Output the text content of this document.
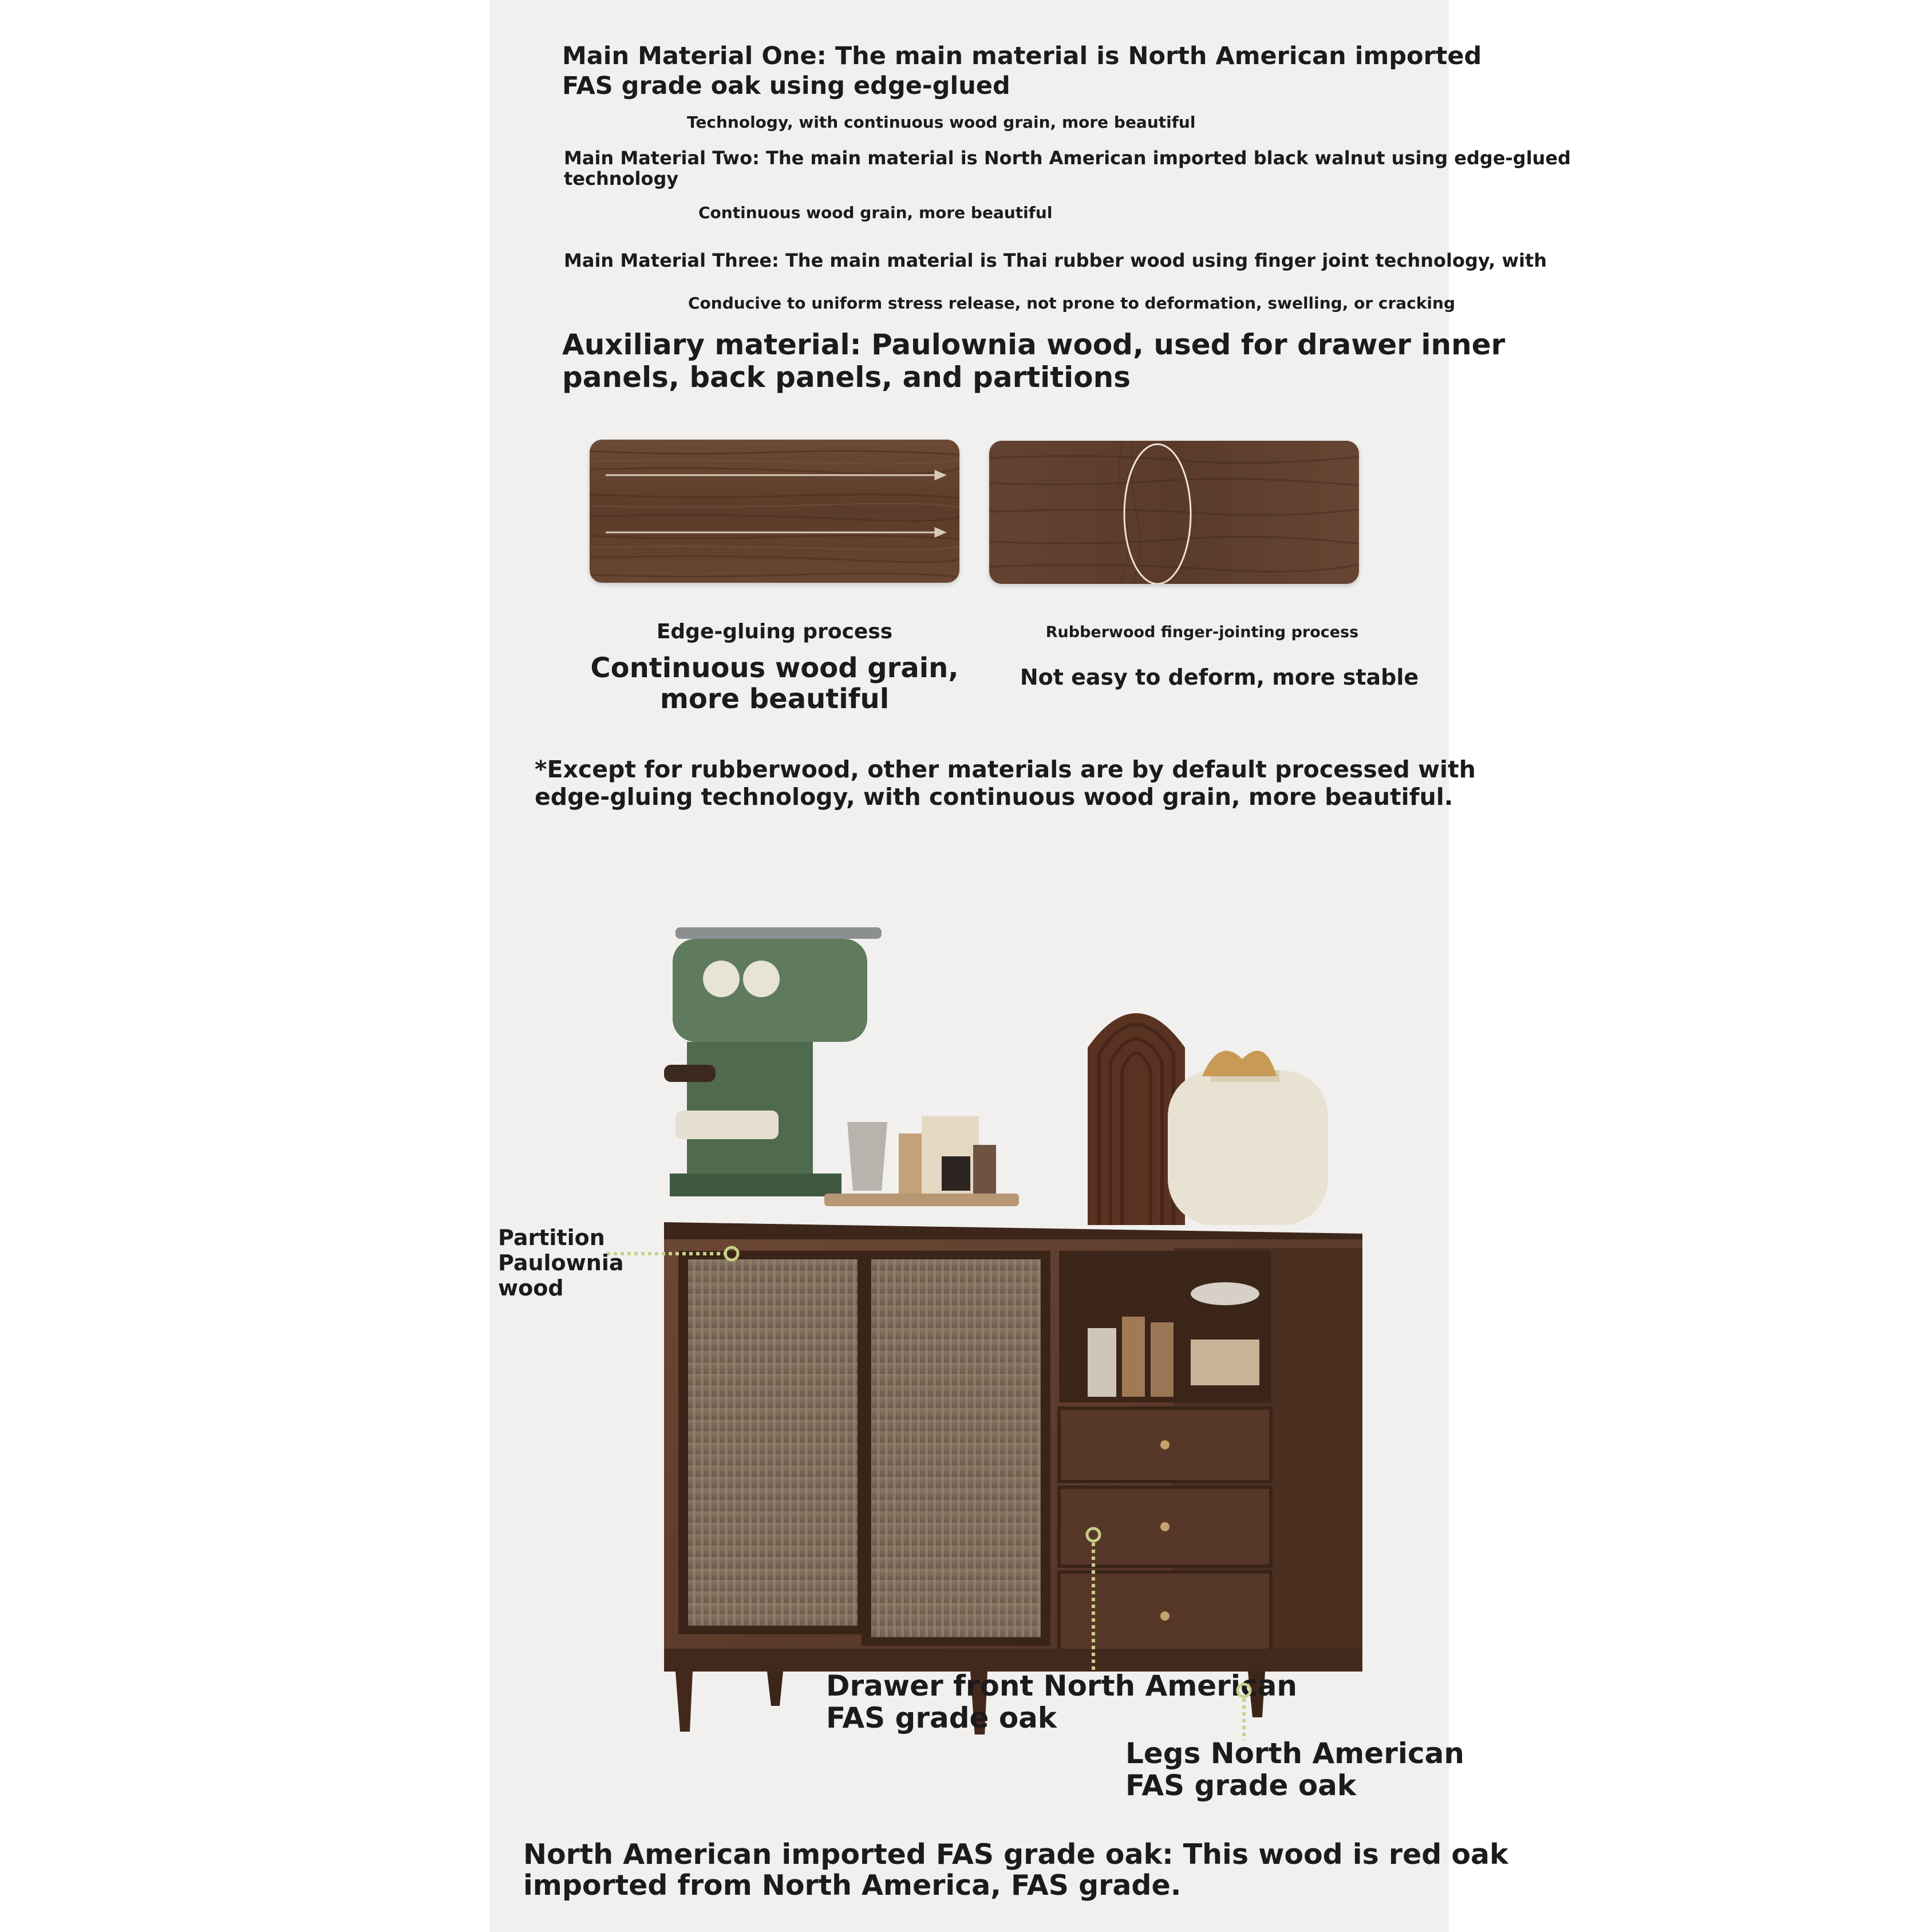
Main Material One: The main material is North American imported

FAS grade oak using edge-glued

Technology, with continuous wood grain, more beautiful

Main Material Two: The main material is North American imported black walnut using edge-glued

technology

Continuous wood grain, more beautiful

Main Material Three: The main material is Thai rubber wood using finger joint technology, with

Conducive to uniform stress release, not prone to deformation, swelling, or cracking

Auxiliary material: Paulownia wood, used for drawer inner

panels, back panels, and partitions

Edge-gluing process
Continuous wood grain,
more beautiful
Rubberwood finger-jointing process
Not easy to deform, more stable

*Except for rubberwood, other materials are by default processed with

edge-gluing technology, with continuous wood grain, more beautiful.

Partition

Paulownia

wood

Drawer front North American

FAS grade oak

Legs North American

FAS grade oak

North American imported FAS grade oak: This wood is red oak

imported from North America, FAS grade.
